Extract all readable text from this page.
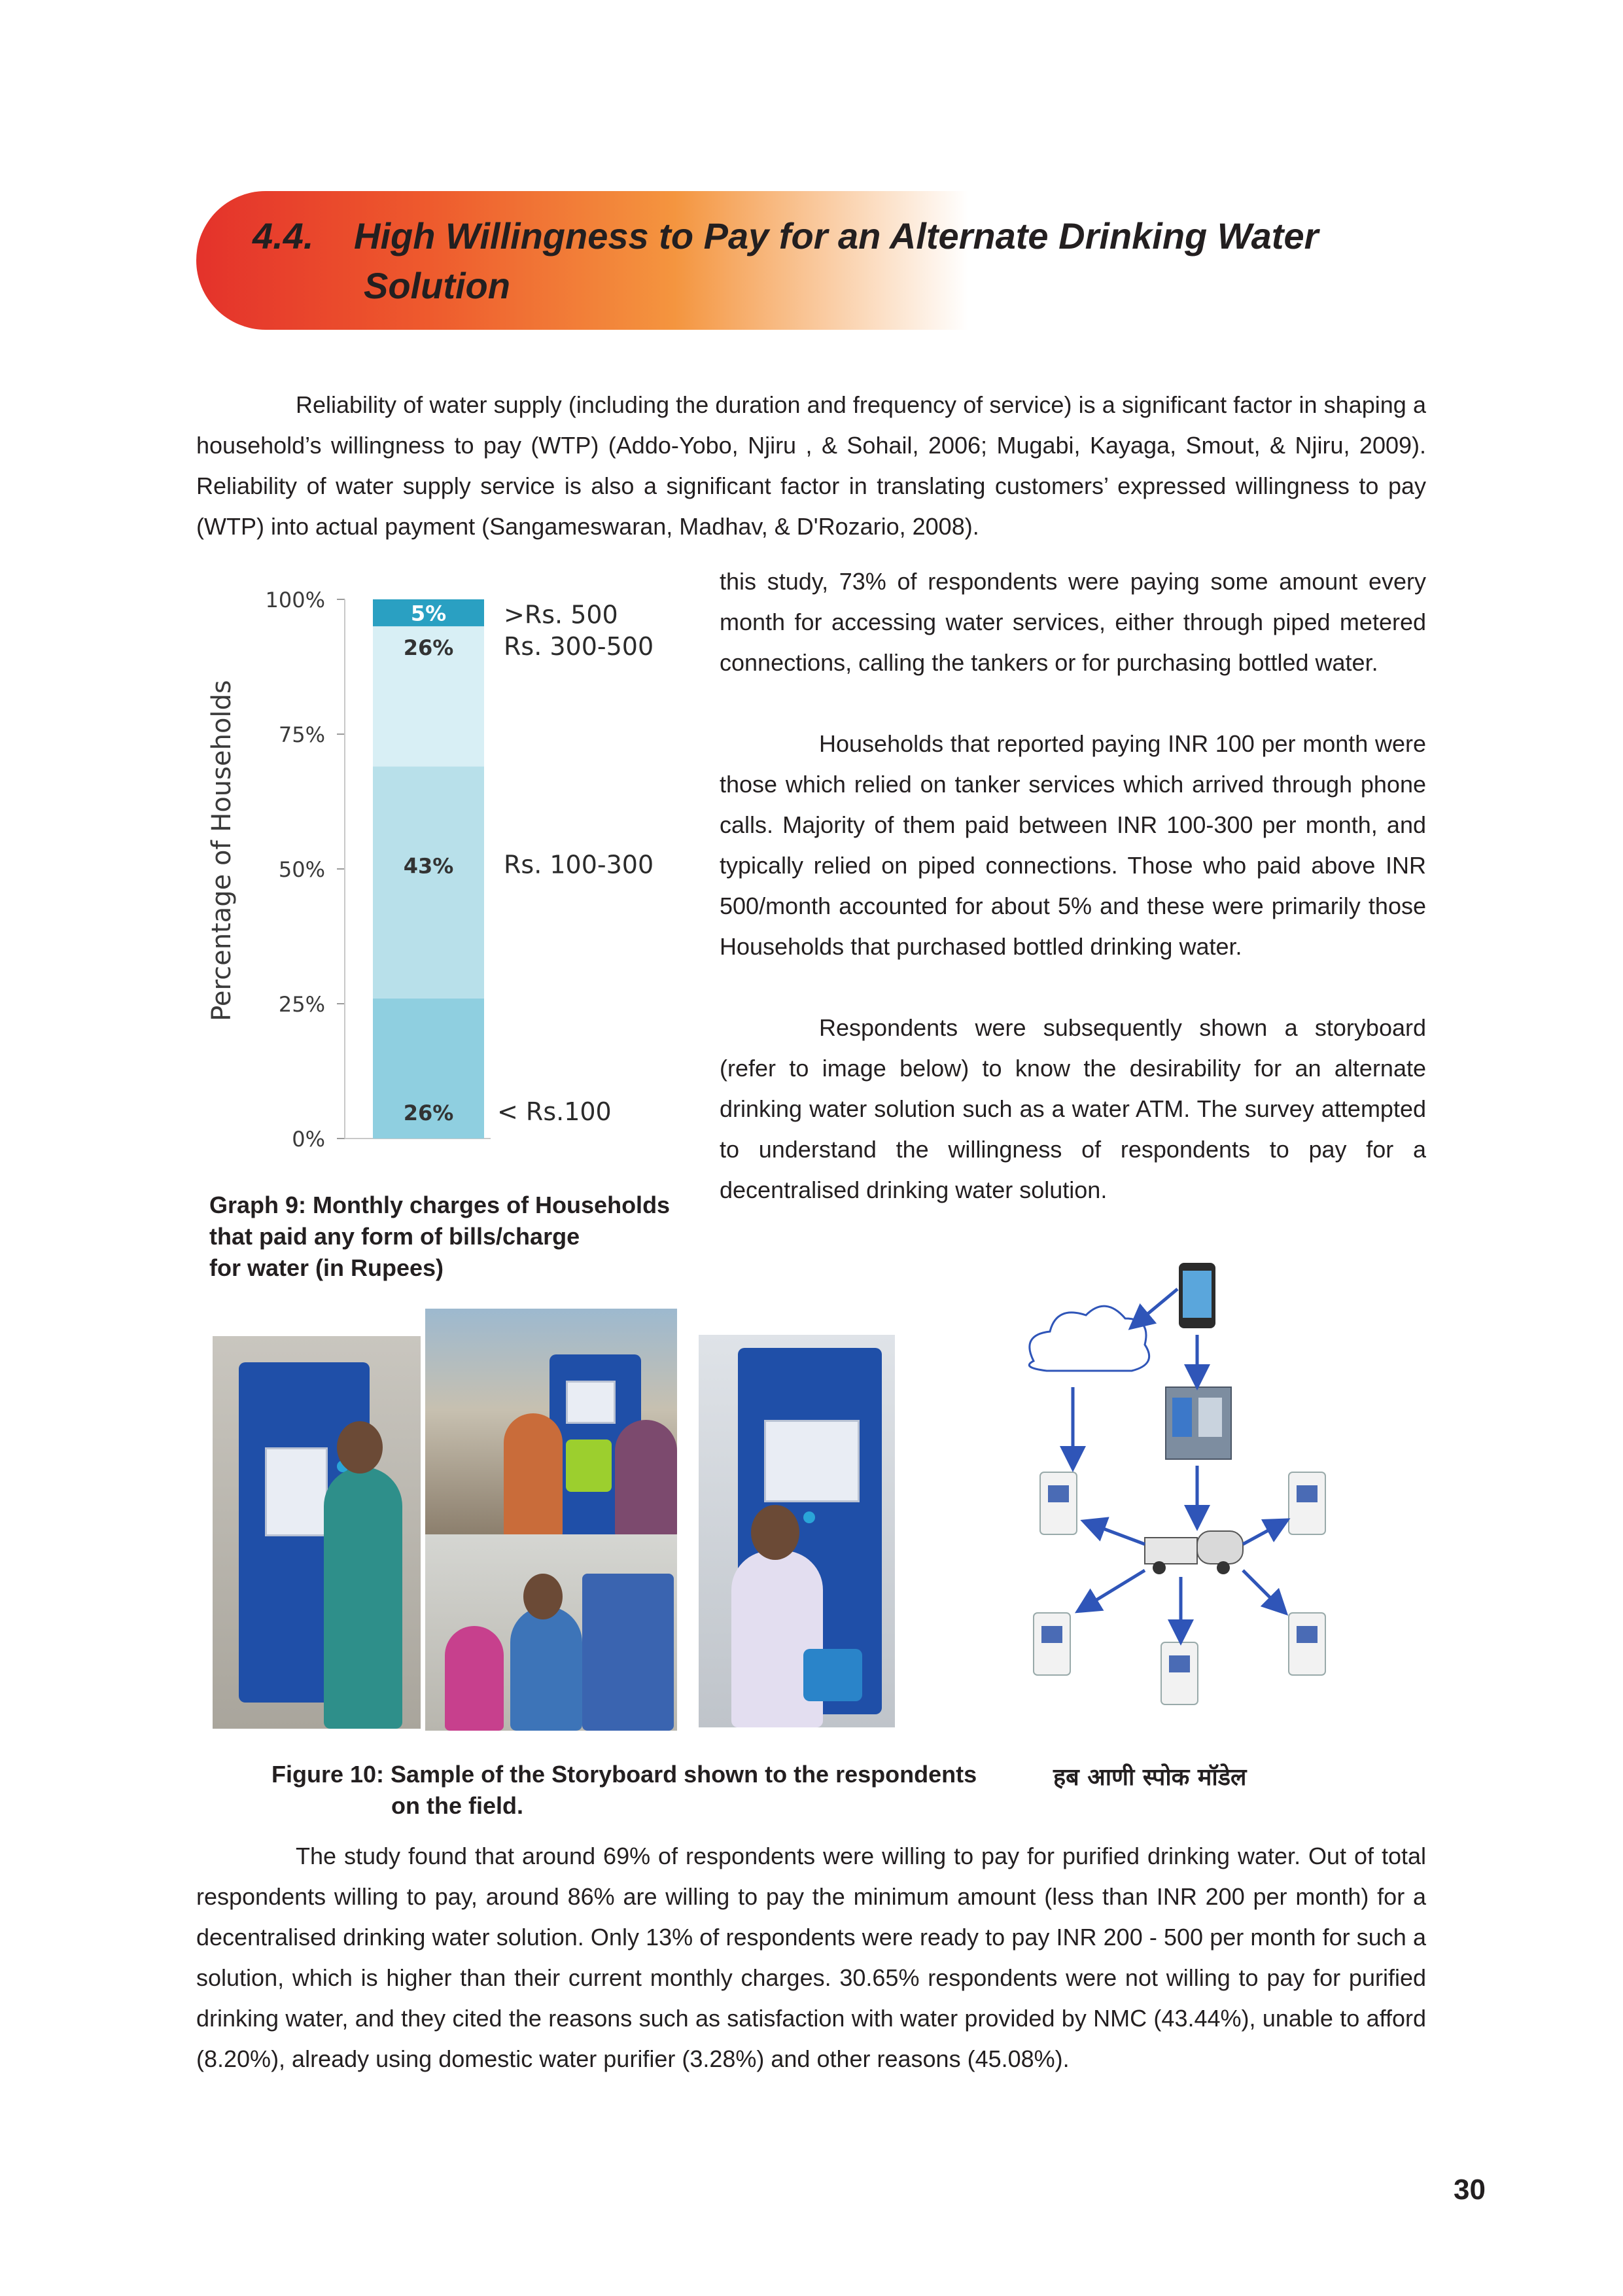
4.4. High Willingness to Pay for an Alternate Drinking Water
Solution
Reliability of water supply (including the duration and frequency of service) is a significant factor in shaping a household’s willingness to pay (WTP) (Addo-Yobo, Njiru , & Sohail, 2006; Mugabi, Kayaga, Smout, & Njiru, 2009). Reliability of water supply service is also a significant factor in translating customers’ expressed willingness to pay (WTP) into actual payment (Sangameswaran, Madhav, & D'Rozario, 2008).
Percentage of Households
0%
25%
50%
75%
100%
26%
43%
26%
5%
< Rs.100
Rs. 100-300
Rs. 300-500
>Rs. 500
this study, 73% of respondents were paying some amount every month for accessing water services, either through piped metered connections, calling the tankers or for purchasing bottled water.
Households that reported paying INR 100 per month were those which relied on tanker services which arrived through phone calls. Majority of them paid between INR 100-300 per month, and typically relied on piped connections. Those who paid above INR 500/month accounted for about 5% and these were primarily those Households that purchased bottled drinking water.
Respondents were subsequently shown a storyboard (refer to image below) to know the desirability for an alternate drinking water solution such as a water ATM. The survey attempted to understand the willingness of respondents to pay for a decentralised drinking water solution.
Graph 9: Monthly charges of Households
that paid any form of bills/charge
for water (in Rupees)
Figure 10: Sample of the Storyboard shown to the respondents
on the field.
हब आणी स्पोक मॉडेल
The study found that around 69% of respondents were willing to pay for purified drinking water. Out of total respondents willing to pay, around 86% are willing to pay the minimum amount (less than INR 200 per month) for a decentralised drinking water solution. Only 13% of respondents were ready to pay INR 200 - 500 per month for such a solution, which is higher than their current monthly charges. 30.65% respondents were not willing to pay for purified drinking water, and they cited the reasons such as satisfaction with water provided by NMC (43.44%), unable to afford (8.20%), already using domestic water purifier (3.28%) and other reasons (45.08%).
30
